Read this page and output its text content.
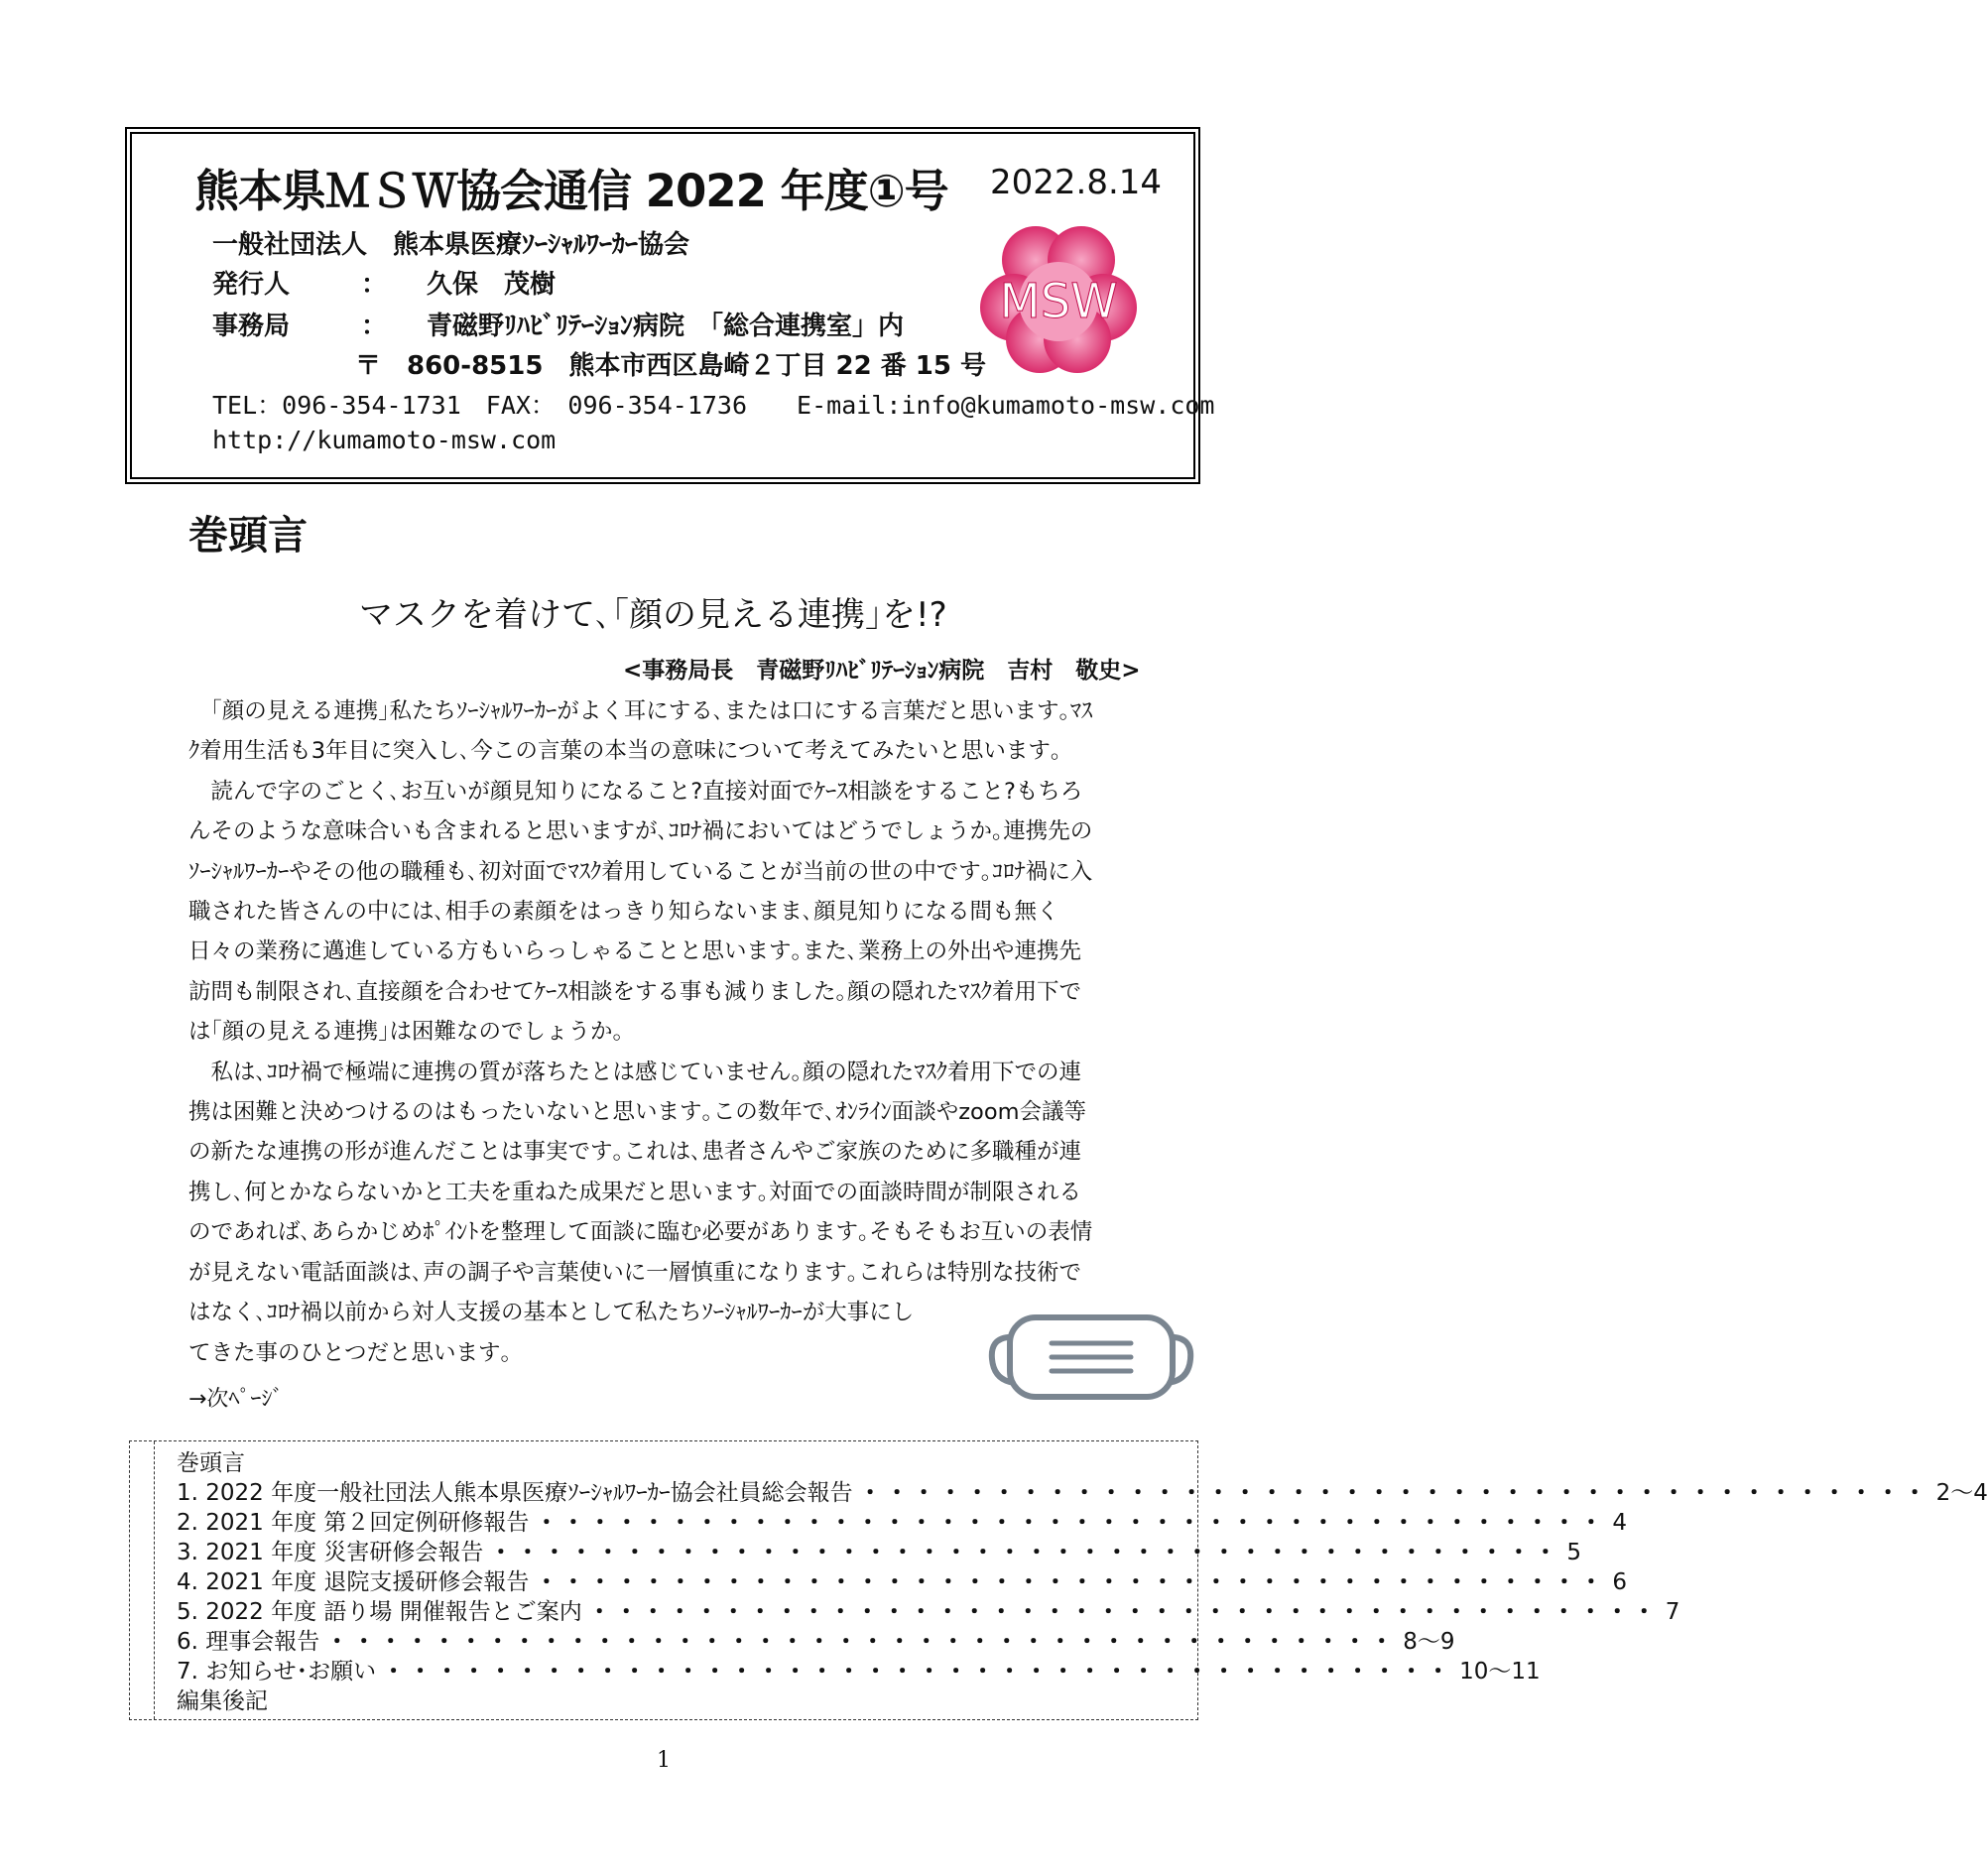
熊本県ＭＳＷ協会通信 2022 年度①号 2022.8.14
一般社団法人　熊本県医療ｿｰｼｬﾙﾜｰｶｰ協会
発行人	： 久保　茂樹
事務局	： 青磁野ﾘﾊﾋﾞﾘﾃｰｼｮﾝ病院　「総合連携室」内
〒　860-8515　熊本市西区島崎２丁目 22 番 15 号
TEL：096-354-1731　FAX：　096-354-1736　　E-mail:info@kumamoto-msw.com
http://kumamoto-msw.com
MSW
巻頭言
マスクを着けて､｢顔の見える連携｣を!?
<事務局長　青磁野ﾘﾊﾋﾞﾘﾃｰｼｮﾝ病院　吉村　敬史>

　｢顔の見える連携｣私たちｿｰｼｬﾙﾜｰｶｰがよく耳にする､または口にする言葉だと思います｡ﾏｽ

ｸ着用生活も3年目に突入し､今この言葉の本当の意味について考えてみたいと思います｡

　読んで字のごとく､お互いが顔見知りになること?直接対面でｹｰｽ相談をすること?もちろ

んそのような意味合いも含まれると思いますが､ｺﾛﾅ禍においてはどうでしょうか｡連携先の

ｿｰｼｬﾙﾜｰｶｰやその他の職種も､初対面でﾏｽｸ着用していることが当前の世の中です｡ｺﾛﾅ禍に入

職された皆さんの中には､相手の素顔をはっきり知らないまま､顔見知りになる間も無く

日々の業務に邁進している方もいらっしゃることと思います｡また､業務上の外出や連携先

訪問も制限され､直接顔を合わせてｹｰｽ相談をする事も減りました｡顔の隠れたﾏｽｸ着用下で

は｢顔の見える連携｣は困難なのでしょうか｡

　私は､ｺﾛﾅ禍で極端に連携の質が落ちたとは感じていません｡顔の隠れたﾏｽｸ着用下での連

携は困難と決めつけるのはもったいないと思います｡この数年で､ｵﾝﾗｲﾝ面談やzoom会議等

の新たな連携の形が進んだことは事実です｡これは､患者さんやご家族のために多職種が連

携し､何とかならないかと工夫を重ねた成果だと思います｡対面での面談時間が制限される

のであれば､あらかじめﾎﾟｲﾝﾄを整理して面談に臨む必要があります｡そもそもお互いの表情

が見えない電話面談は､声の調子や言葉使いに一層慎重になります｡これらは特別な技術で

はなく､ｺﾛﾅ禍以前から対人支援の基本として私たちｿｰｼｬﾙﾜｰｶｰが大事にし

てきた事のひとつだと思います｡

→次ﾍﾟｰｼﾞ
巻頭言
1. 2022 年度一般社団法人熊本県医療ｿｰｼｬﾙﾜｰｶｰ協会社員総会報告 ・・・・・・・・・・・・・・・・・・・・・・・・・・・・・・・・・・・・・・・・ 2～4
2. 2021 年度 第２回定例研修報告 ・・・・・・・・・・・・・・・・・・・・・・・・・・・・・・・・・・・・・・・・ 4
3. 2021 年度 災害研修会報告 ・・・・・・・・・・・・・・・・・・・・・・・・・・・・・・・・・・・・・・・・ 5
4. 2021 年度 退院支援研修会報告 ・・・・・・・・・・・・・・・・・・・・・・・・・・・・・・・・・・・・・・・・ 6
5. 2022 年度 語り場 開催報告とご案内 ・・・・・・・・・・・・・・・・・・・・・・・・・・・・・・・・・・・・・・・・ 7
6. 理事会報告 ・・・・・・・・・・・・・・・・・・・・・・・・・・・・・・・・・・・・・・・・ 8～9
7. お知らせ･お願い ・・・・・・・・・・・・・・・・・・・・・・・・・・・・・・・・・・・・・・・・ 10～11
編集後記
1
